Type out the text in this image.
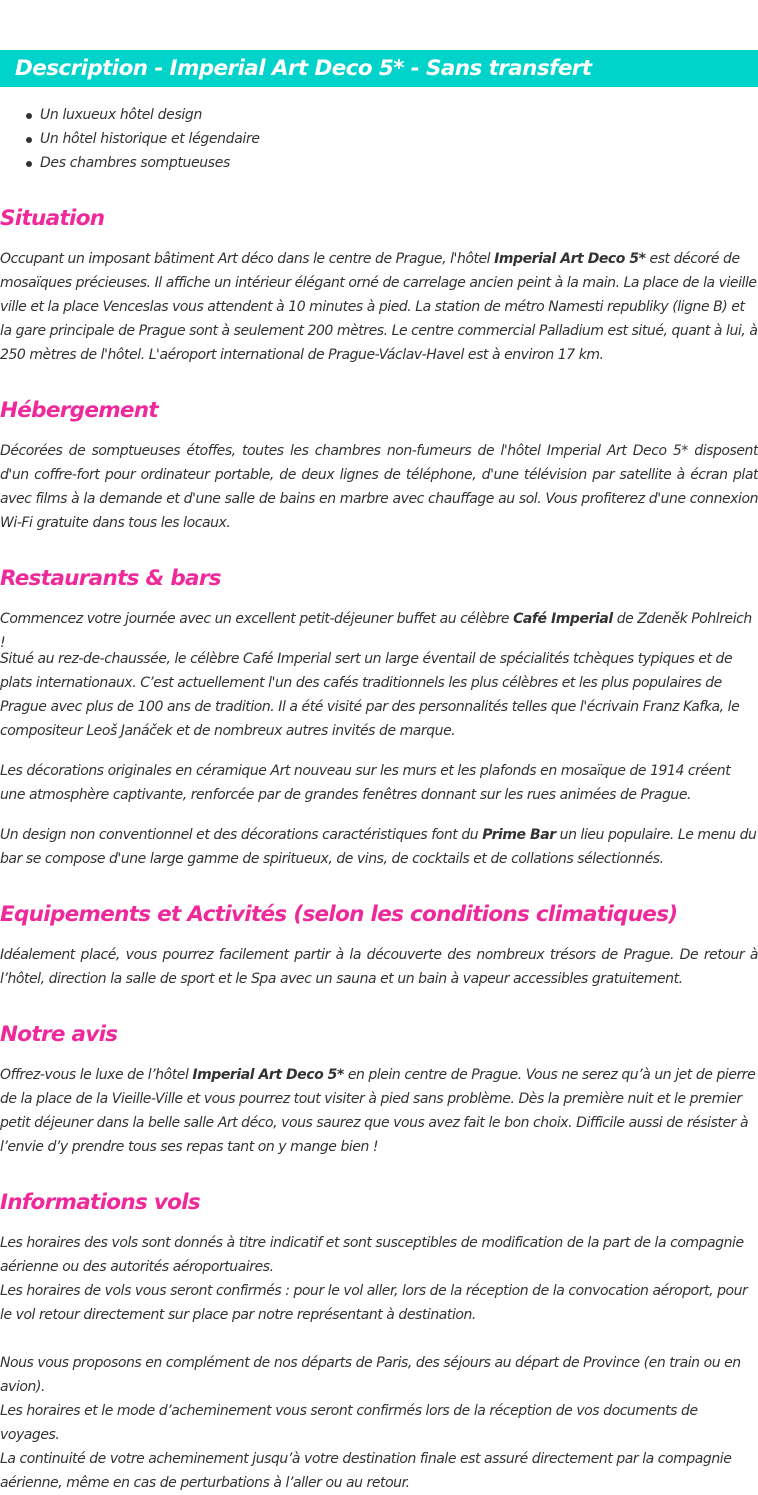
Description - Imperial Art Deco 5* - Sans transfert
Un luxueux hôtel design
Un hôtel historique et légendaire
Des chambres somptueuses
Situation

Occupant un imposant bâtiment Art déco dans le centre de Prague, l'hôtel Imperial Art Deco 5* est décoré de mosaïques précieuses. Il affiche un intérieur élégant orné de carrelage ancien peint à la main. La place de la vieille ville et la place Venceslas vous attendent à 10 minutes à pied. La station de métro Namesti republiky (ligne B) et la gare principale de Prague sont à seulement 200 mètres. Le centre commercial Palladium est situé, quant à lui, à 250 mètres de l'hôtel. L'aéroport international de Prague-Václav-Havel est à environ 17 km.

Hébergement

Décorées de somptueuses étoffes, toutes les chambres non-fumeurs de l'hôtel Imperial Art Deco 5* disposent d'un coffre-fort pour ordinateur portable, de deux lignes de téléphone, d'une télévision par satellite à écran plat avec films à la demande et d'une salle de bains en marbre avec chauffage au sol. Vous profiterez d'une connexion Wi-Fi gratuite dans tous les locaux.

Restaurants & bars

Commencez votre journée avec un excellent petit-déjeuner buffet au célèbre Café Imperial de Zdeněk Pohlreich !

Situé au rez-de-chaussée, le célèbre Café Imperial sert un large éventail de spécialités tchèques typiques et de plats internationaux. C’est actuellement l'un des cafés traditionnels les plus célèbres et les plus populaires de Prague avec plus de 100 ans de tradition. Il a été visité par des personnalités telles que l'écrivain Franz Kafka, le compositeur Leoš Janáček et de nombreux autres invités de marque.

Les décorations originales en céramique Art nouveau sur les murs et les plafonds en mosaïque de 1914 créent une atmosphère captivante, renforcée par de grandes fenêtres donnant sur les rues animées de Prague.

Un design non conventionnel et des décorations caractéristiques font du Prime Bar un lieu populaire. Le menu du bar se compose d'une large gamme de spiritueux, de vins, de cocktails et de collations sélectionnés.

Equipements et Activités (selon les conditions climatiques)

Idéalement placé, vous pourrez facilement partir à la découverte des nombreux trésors de Prague. De retour à l’hôtel, direction la salle de sport et le Spa avec un sauna et un bain à vapeur accessibles gratuitement.

Notre avis

Offrez-vous le luxe de l’hôtel Imperial Art Deco 5* en plein centre de Prague. Vous ne serez qu’à un jet de pierre de la place de la Vieille-Ville et vous pourrez tout visiter à pied sans problème. Dès la première nuit et le premier petit déjeuner dans la belle salle Art déco, vous saurez que vous avez fait le bon choix. Difficile aussi de résister à l’envie d’y prendre tous ses repas tant on y mange bien !

Informations vols

Les horaires des vols sont donnés à titre indicatif et sont susceptibles de modification de la part de la compagnie aérienne ou des autorités aéroportuaires.
Les horaires de vols vous seront confirmés : pour le vol aller, lors de la réception de la convocation aéroport, pour le vol retour directement sur place par notre représentant à destination.

Nous vous proposons en complément de nos départs de Paris, des séjours au départ de Province (en train ou en avion).
Les horaires et le mode d’acheminement vous seront confirmés lors de la réception de vos documents de voyages.
La continuité de votre acheminement jusqu’à votre destination finale est assuré directement par la compagnie aérienne, même en cas de perturbations à l’aller ou au retour.
